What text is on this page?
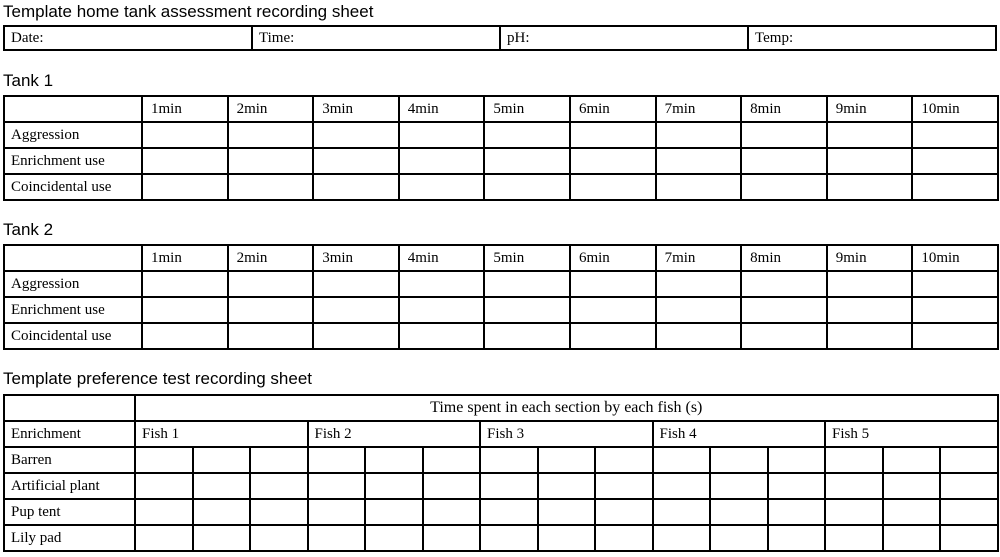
Template home tank assessment recording sheet
Date:	Time:	pH:	Temp:
Tank 1
	1min	2min	3min	4min	5min	6min	7min	8min	9min	10min
Aggression										
Enrichment use										
Coincidental use										
Tank 2
	1min	2min	3min	4min	5min	6min	7min	8min	9min	10min
Aggression										
Enrichment use										
Coincidental use										
Template preference test recording sheet
	Time spent in each section by each fish (s)														
Enrichment	Fish 1			Fish 2			Fish 3			Fish 4			Fish 5		
Barren															
Artificial plant															
Pup tent															
Lily pad															
